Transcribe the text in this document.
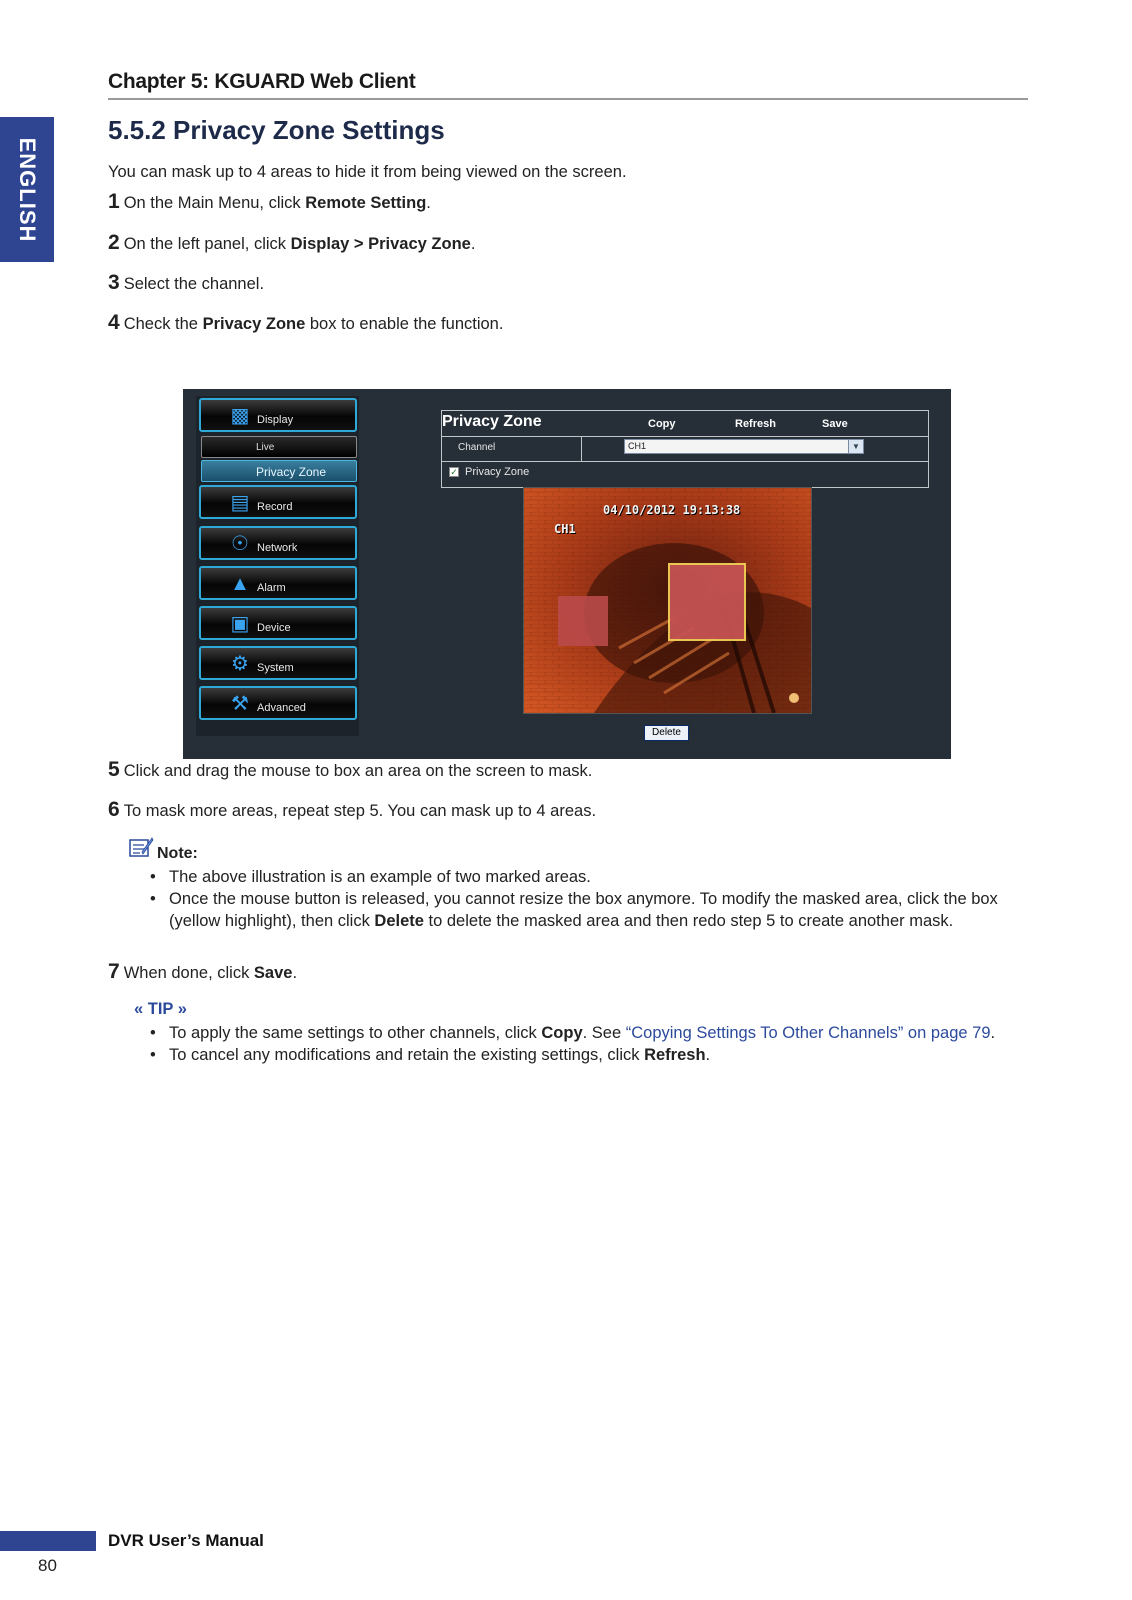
ENGLISH
Chapter 5: KGUARD Web Client
5.5.2 Privacy Zone Settings
You can mask up to 4 areas to hide it from being viewed on the screen.
1 On the Main Menu, click Remote Setting.
2 On the left panel, click Display > Privacy Zone.
3 Select the channel.
4 Check the Privacy Zone box to enable the function.
▩ Display
Live
Privacy Zone
▤ Record
☉ Network
▲ Alarm
▣ Device
⚙ System
⚒ Advanced
Privacy Zone	Copy	Refresh	Save
Channel	CH1	▼
✓ Privacy Zone
04/10/2012 19:13:38
CH1
Delete
5 Click and drag the mouse to box an area on the screen to mask.
6 To mask more areas, repeat step 5. You can mask up to 4 areas.
Note:
• The above illustration is an example of two marked areas.
• Once the mouse button is released, you cannot resize the box anymore. To modify the masked area, click the box (yellow highlight), then click Delete to delete the masked area and then redo step 5 to create another mask.
7 When done, click Save.
« TIP »
• To apply the same settings to other channels, click Copy. See “Copying Settings To Other Channels” on page 79.
• To cancel any modifications and retain the existing settings, click Refresh.
DVR User’s Manual
80
